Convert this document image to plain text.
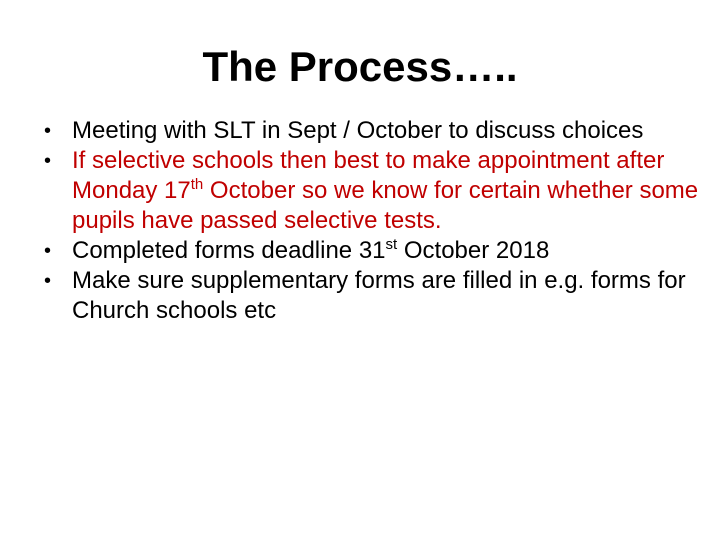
The Process…..
• Meeting with SLT in Sept / October to discuss choices
• If selective schools then best to make appointment after Monday 17th October so we know for certain whether some pupils have passed selective tests.
• Completed forms deadline 31st October 2018
• Make sure supplementary forms are filled in e.g. forms for Church schools etc
